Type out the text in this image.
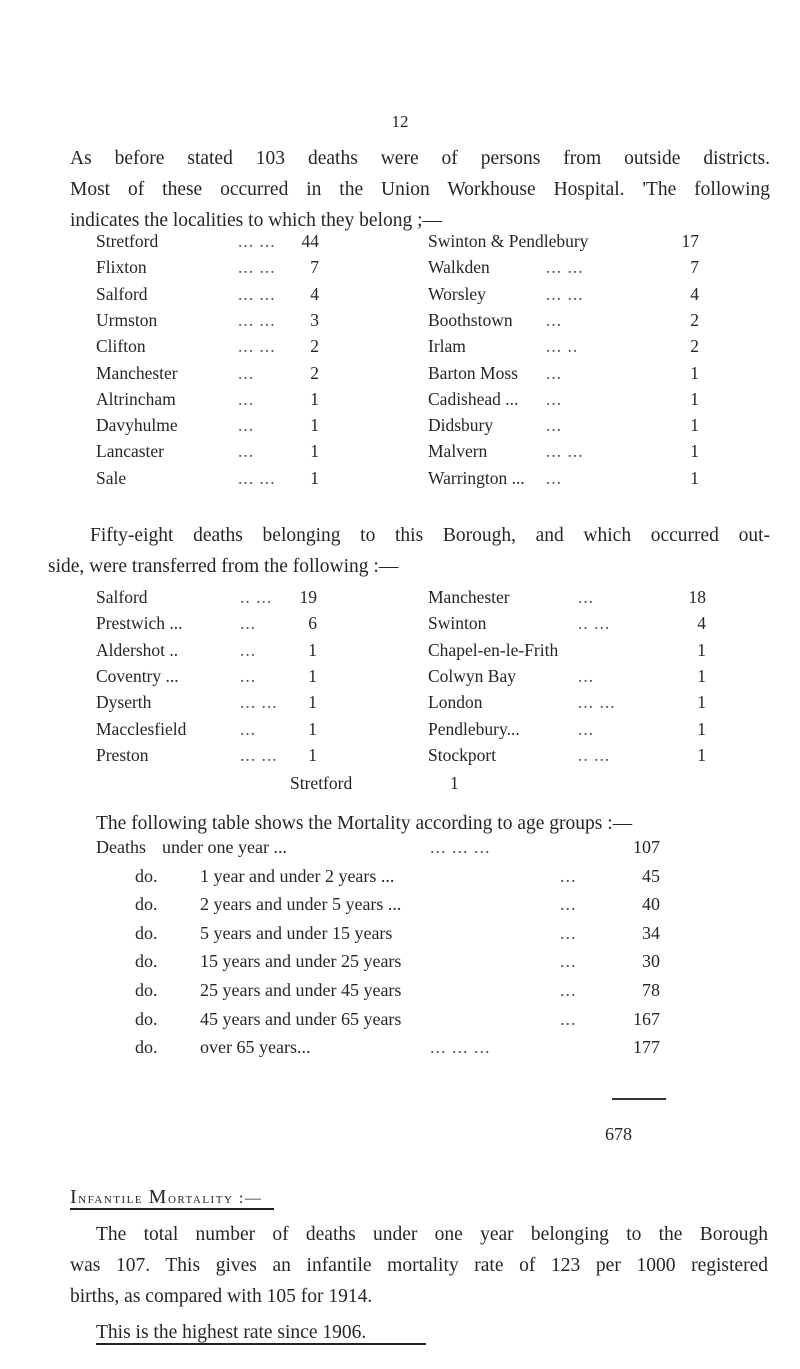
12
As before stated 103 deaths were of persons from outside districts.
Most of these occurred in the Union Workhouse Hospital. 'The following
indicates the localities to which they belong ;—
Stretford	... ...	44
Flixton	... ...	7
Salford	... ...	4
Urmston	... ...	3
Clifton	... ...	2
Manchester	...	2
Altrincham	...	1
Davyhulme	...	1
Lancaster	...	1
Sale	... ...	1
Swinton & Pendlebury	17
Walkden	... ...	7
Worsley	... ...	4
Boothstown ...	2
Irlam	... ..	2
Barton Moss ...	1
Cadishead ... ...	1
Didsbury	...	1
Malvern	... ...	1
Warrington ... ...	1
Fifty-eight deaths belonging to this Borough, and which occurred out-
side, were transferred from the following :—
Salford	.. ...	19
Prestwich ...	...	6
Aldershot ..	...	1
Coventry ...	...	1
Dyserth	... ...	1
Macclesfield	...	1
Preston	... ...	1
Manchester	...	18
Swinton	.. ...	4
Chapel-en-le-Frith	1
Colwyn Bay	...	1
London	... ...	1
Pendlebury...	...	1
Stockport	.. ...	1
Stretford	1
The following table shows the Mortality according to age groups :—
Deaths under one year ...	... ... ...	107
do. 1 year and under 2 years ...	...	45
do. 2 years and under 5 years ...	...	40
do. 5 years and under 15 years	...	34
do. 15 years and under 25 years	...	30
do. 25 years and under 45 years	...	78
do. 45 years and under 65 years	...	167
do. over 65 years...	... ... ...	177
678
Infantile Mortality :—
The total number of deaths under one year belonging to the Borough
was 107. This gives an infantile mortality rate of 123 per 1000 registered
births, as compared with 105 for 1914.
This is the highest rate since 1906.
